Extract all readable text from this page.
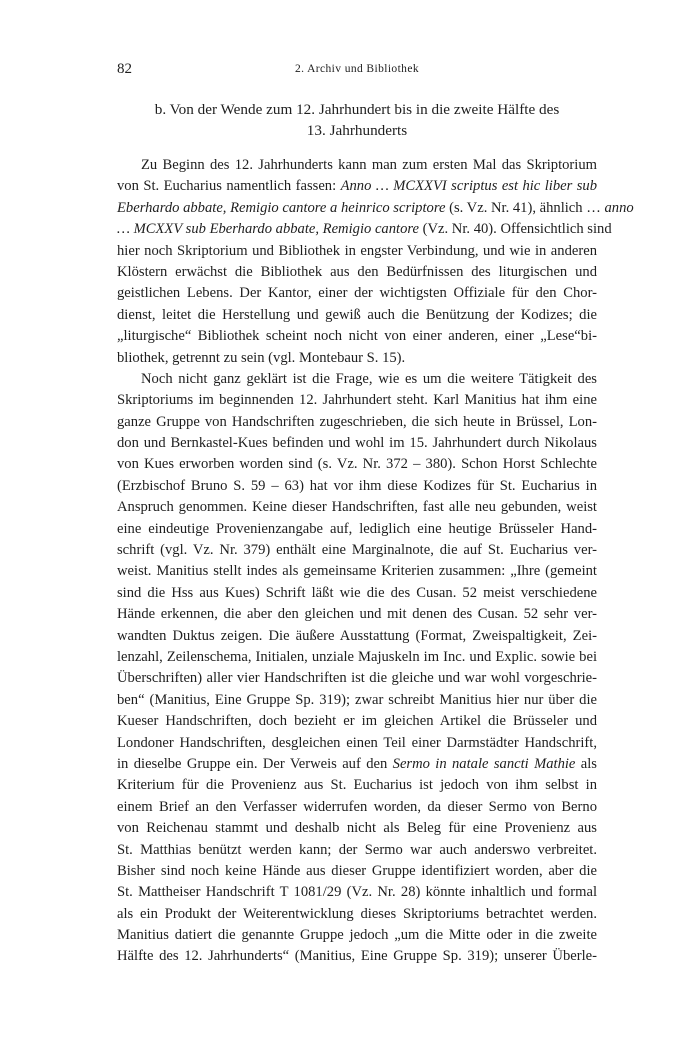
82	2. Archiv und Bibliothek
b. Von der Wende zum 12. Jahrhundert bis in die zweite Hälfte des
13. Jahrhunderts
Zu Beginn des 12. Jahrhunderts kann man zum ersten Mal das Skriptorium
von St. Eucharius namentlich fassen: Anno … MCXXVI scriptus est hic liber sub
Eberhardo abbate, Remigio cantore a heinrico scriptore (s. Vz. Nr. 41), ähnlich … anno
… MCXXV sub Eberhardo abbate, Remigio cantore (Vz. Nr. 40). Offensichtlich sind
hier noch Skriptorium und Bibliothek in engster Verbindung, und wie in anderen
Klöstern erwächst die Bibliothek aus den Bedürfnissen des liturgischen und
geistlichen Lebens. Der Kantor, einer der wichtigsten Offiziale für den Chor-
dienst, leitet die Herstellung und gewiß auch die Benützung der Kodizes; die
„liturgische“ Bibliothek scheint noch nicht von einer anderen, einer „Lese“bi-
bliothek, getrennt zu sein (vgl. Montebaur S. 15).
Noch nicht ganz geklärt ist die Frage, wie es um die weitere Tätigkeit des
Skriptoriums im beginnenden 12. Jahrhundert steht. Karl Manitius hat ihm eine
ganze Gruppe von Handschriften zugeschrieben, die sich heute in Brüssel, Lon-
don und Bernkastel-Kues befinden und wohl im 15. Jahrhundert durch Nikolaus
von Kues erworben worden sind (s. Vz. Nr. 372 – 380). Schon Horst Schlechte
(Erzbischof Bruno S. 59 – 63) hat vor ihm diese Kodizes für St. Eucharius in
Anspruch genommen. Keine dieser Handschriften, fast alle neu gebunden, weist
eine eindeutige Provenienzangabe auf, lediglich eine heutige Brüsseler Hand-
schrift (vgl. Vz. Nr. 379) enthält eine Marginalnote, die auf St. Eucharius ver-
weist. Manitius stellt indes als gemeinsame Kriterien zusammen: „Ihre (gemeint
sind die Hss aus Kues) Schrift läßt wie die des Cusan. 52 meist verschiedene
Hände erkennen, die aber den gleichen und mit denen des Cusan. 52 sehr ver-
wandten Duktus zeigen. Die äußere Ausstattung (Format, Zweispaltigkeit, Zei-
lenzahl, Zeilenschema, Initialen, unziale Majuskeln im Inc. und Explic. sowie bei
Überschriften) aller vier Handschriften ist die gleiche und war wohl vorgeschrie-
ben“ (Manitius, Eine Gruppe Sp. 319); zwar schreibt Manitius hier nur über die
Kueser Handschriften, doch bezieht er im gleichen Artikel die Brüsseler und
Londoner Handschriften, desgleichen einen Teil einer Darmstädter Handschrift,
in dieselbe Gruppe ein. Der Verweis auf den Sermo in natale sancti Mathie als
Kriterium für die Provenienz aus St. Eucharius ist jedoch von ihm selbst in
einem Brief an den Verfasser widerrufen worden, da dieser Sermo von Berno
von Reichenau stammt und deshalb nicht als Beleg für eine Provenienz aus
St. Matthias benützt werden kann; der Sermo war auch anderswo verbreitet.
Bisher sind noch keine Hände aus dieser Gruppe identifiziert worden, aber die
St. Mattheiser Handschrift T 1081/29 (Vz. Nr. 28) könnte inhaltlich und formal
als ein Produkt der Weiterentwicklung dieses Skriptoriums betrachtet werden.
Manitius datiert die genannte Gruppe jedoch „um die Mitte oder in die zweite
Hälfte des 12. Jahrhunderts“ (Manitius, Eine Gruppe Sp. 319); unserer Überle-
